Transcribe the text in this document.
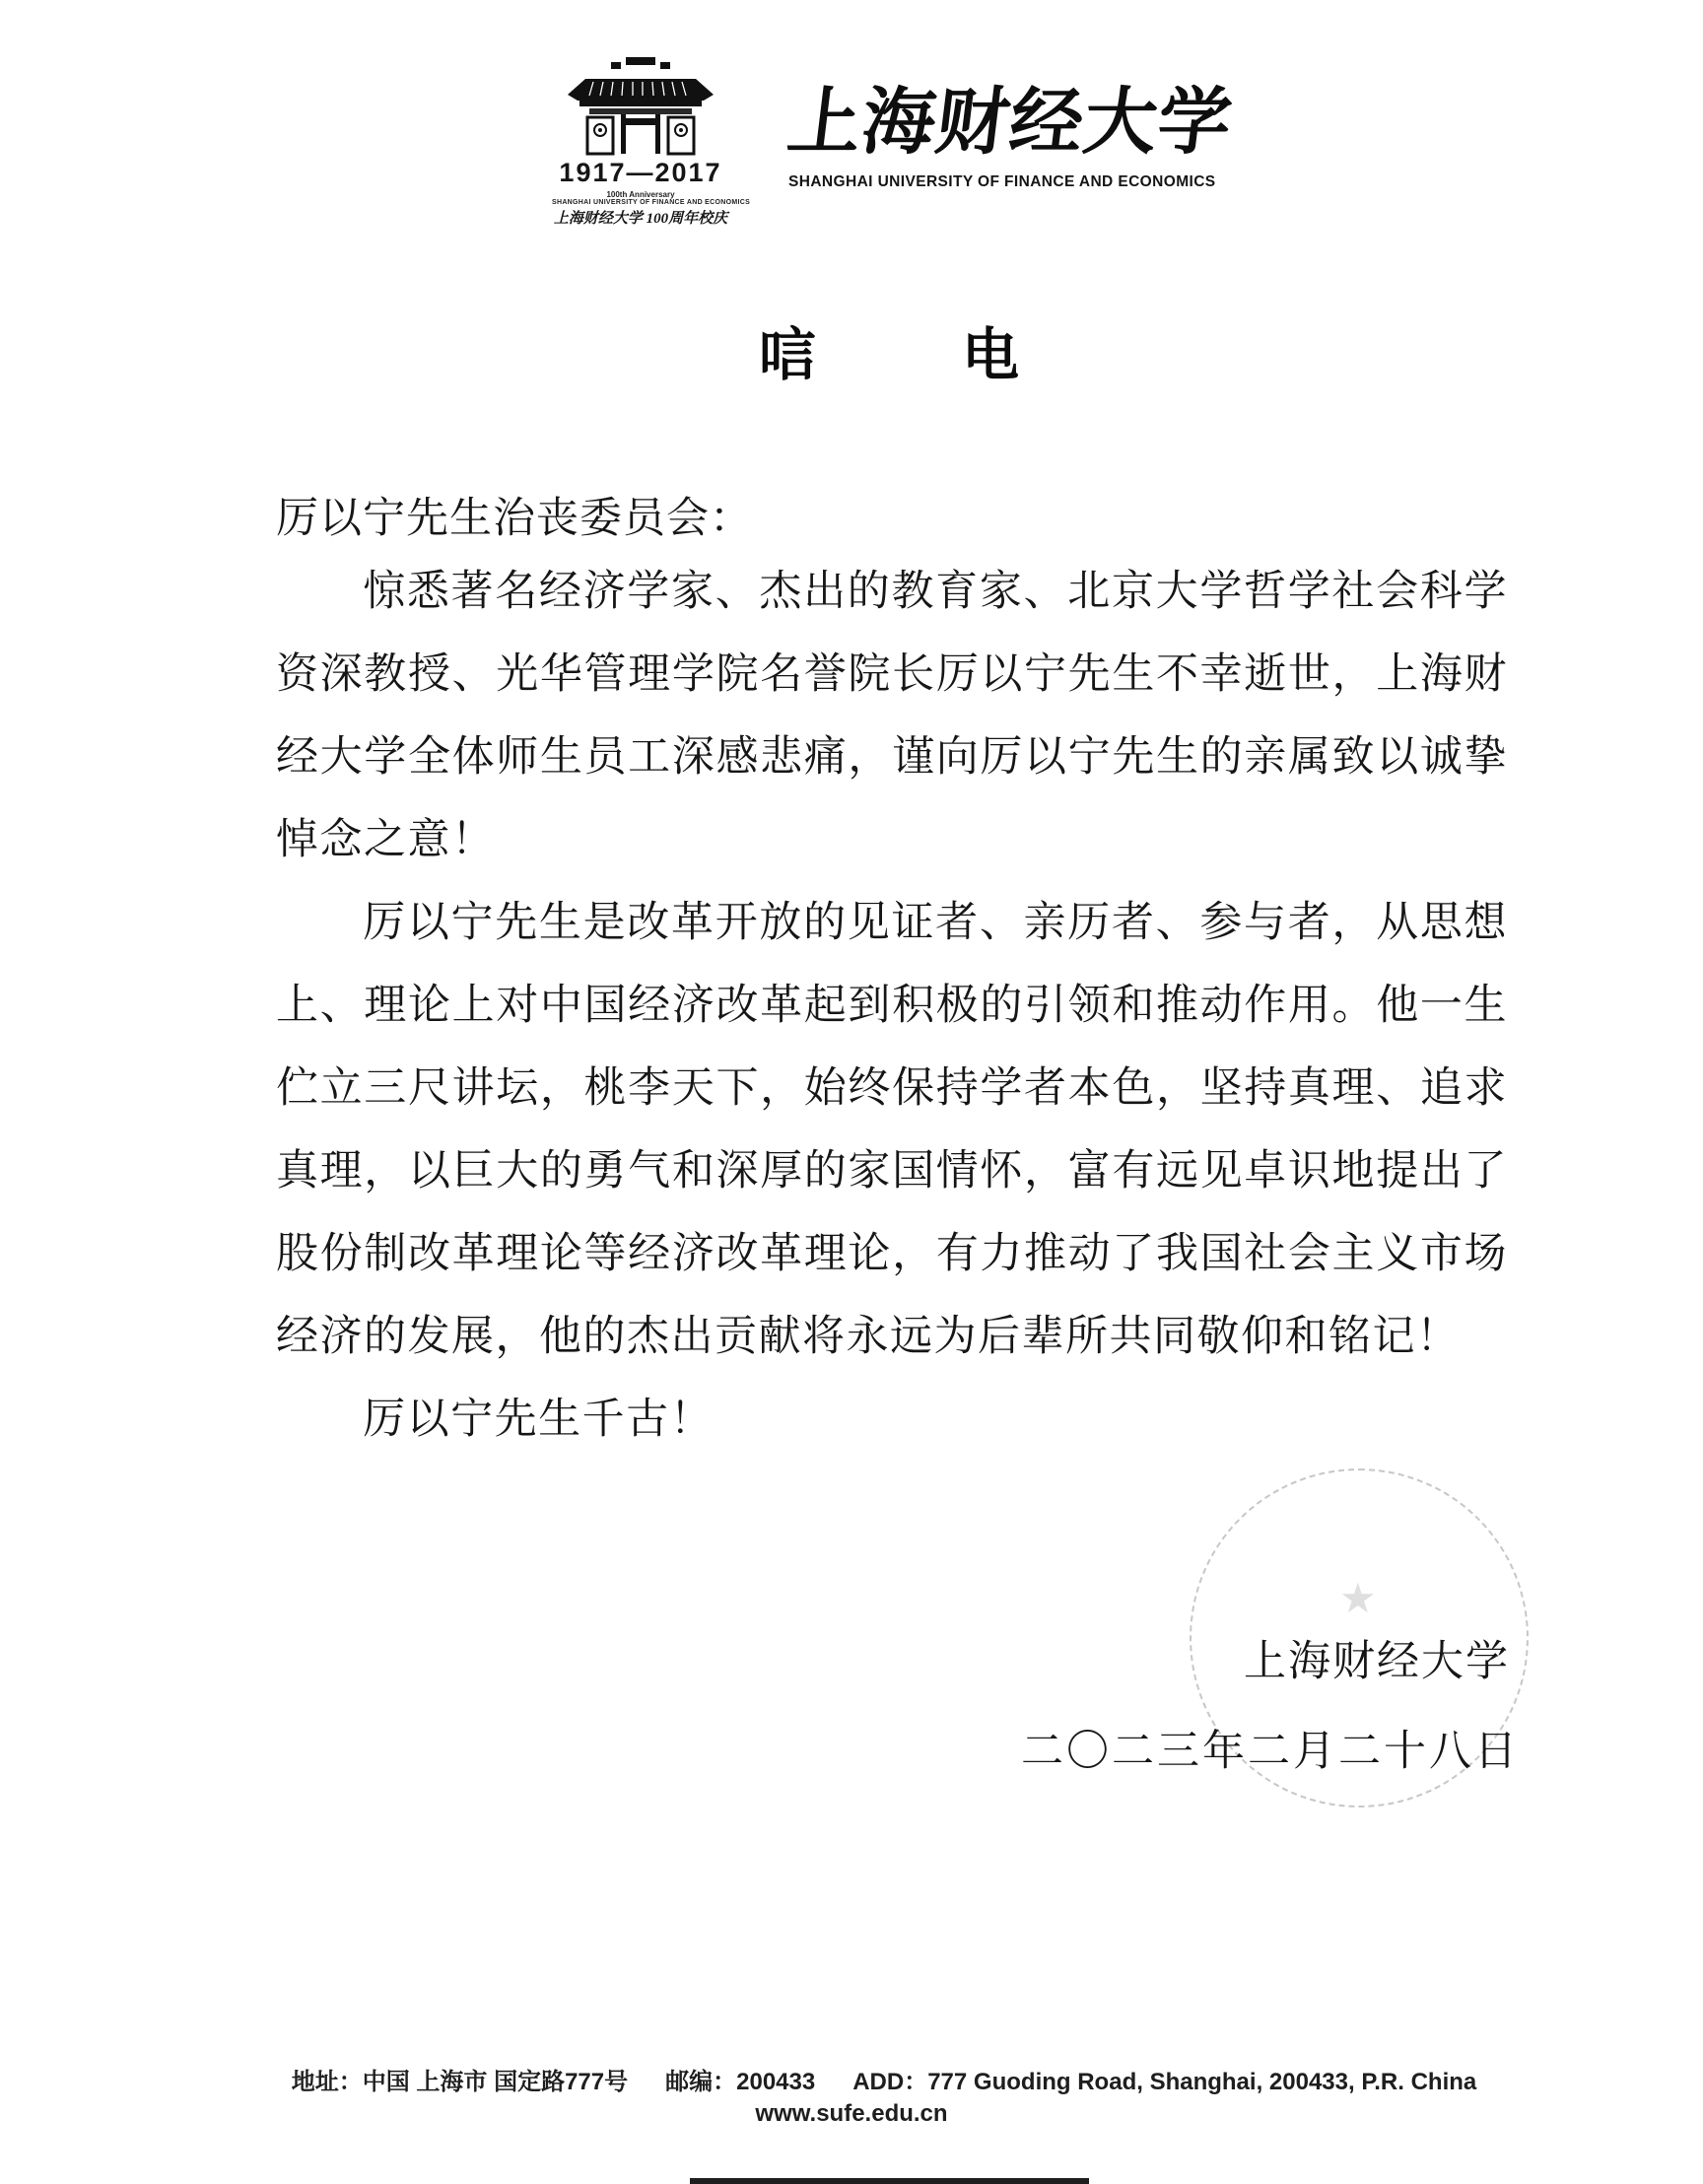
1917—2017
100th Anniversary
SHANGHAI UNIVERSITY OF FINANCE AND ECONOMICS
上海财经大学 100周年校庆
上海财经大学
SHANGHAI UNIVERSITY OF FINANCE AND ECONOMICS
唁	电
厉以宁先生治丧委员会：
惊悉著名经济学家、杰出的教育家、北京大学哲学社会科学
资深教授、光华管理学院名誉院长厉以宁先生不幸逝世，上海财
经大学全体师生员工深感悲痛，谨向厉以宁先生的亲属致以诚挚
悼念之意！
厉以宁先生是改革开放的见证者、亲历者、参与者，从思想
上、理论上对中国经济改革起到积极的引领和推动作用。他一生
伫立三尺讲坛，桃李天下，始终保持学者本色，坚持真理、追求
真理，以巨大的勇气和深厚的家国情怀，富有远见卓识地提出了
股份制改革理论等经济改革理论，有力推动了我国社会主义市场
经济的发展，他的杰出贡献将永远为后辈所共同敬仰和铭记！
厉以宁先生千古！
★
上海财经大学
二〇二三年二月二十八日
地址：中国 上海市 国定路777号 邮编：200433 ADD：777 Guoding Road, Shanghai, 200433, P.R. China
www.sufe.edu.cn
